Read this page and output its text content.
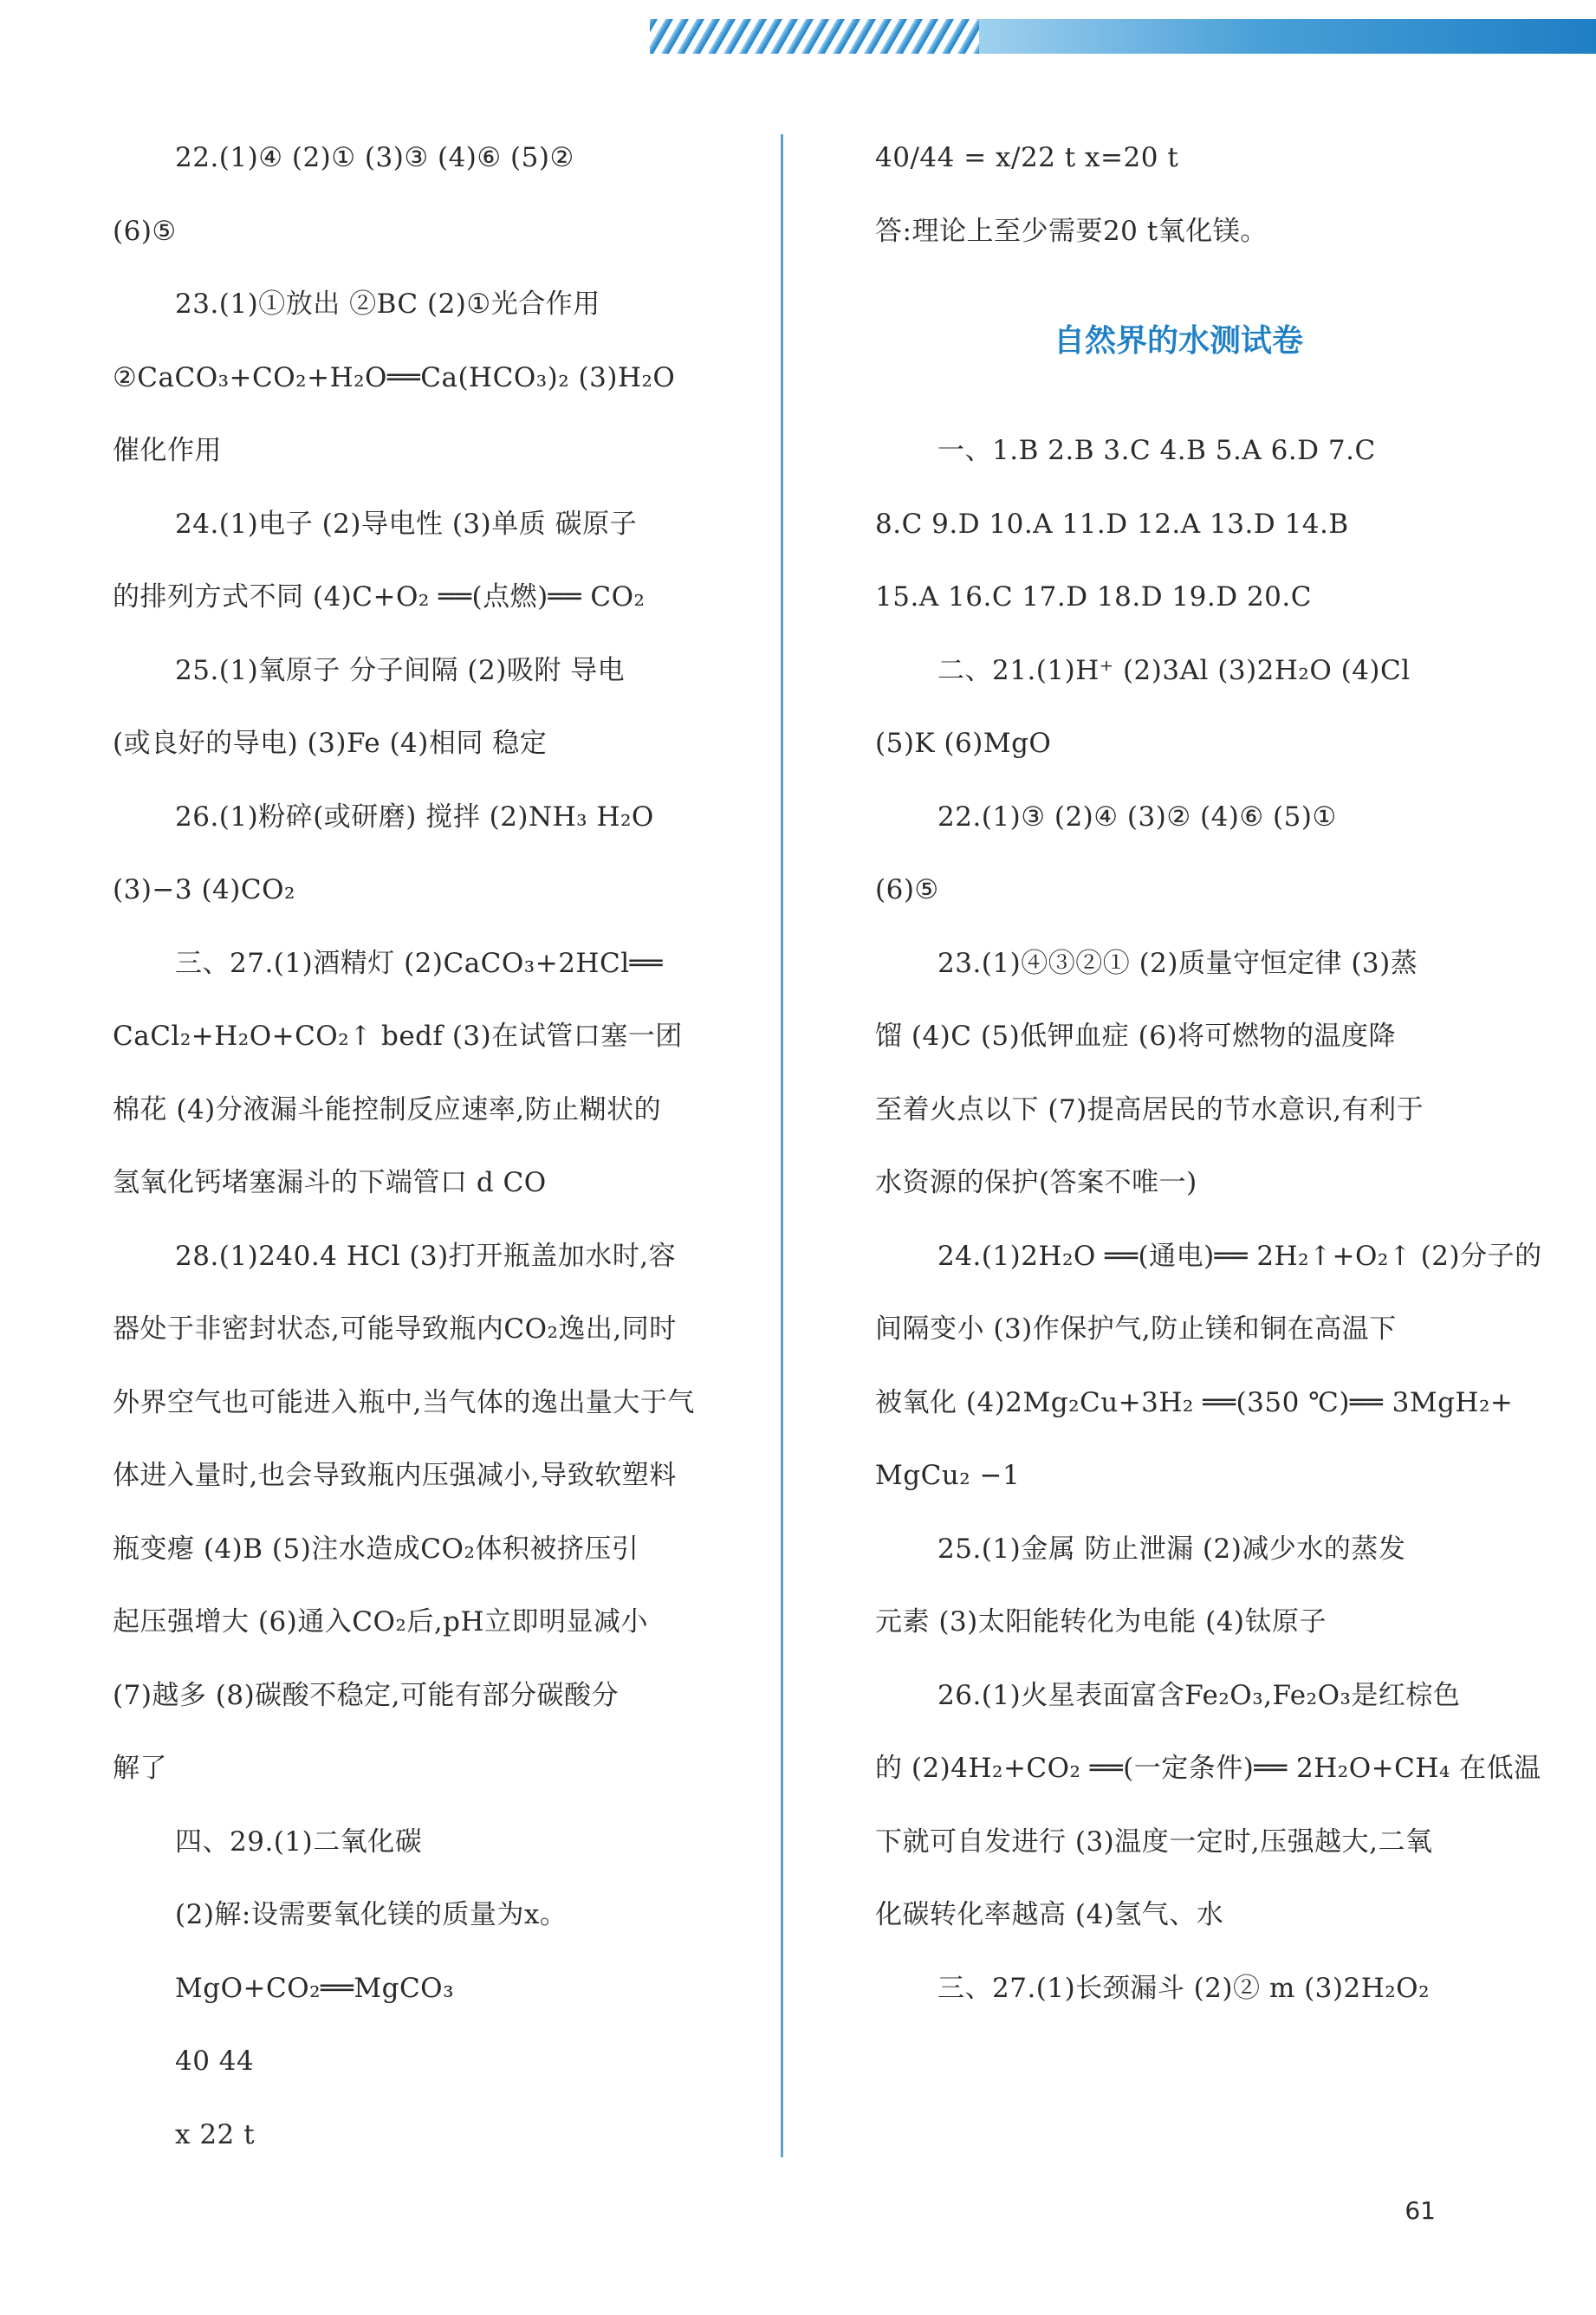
22.(1)④ (2)① (3)③ (4)⑥ (5)②
(6)⑤
23.(1)①放出 ②BC (2)①光合作用
②CaCO₃+CO₂+H₂O══Ca(HCO₃)₂ (3)H₂O
催化作用
24.(1)电子 (2)导电性 (3)单质 碳原子
的排列方式不同 (4)C+O₂ ══(点燃)══ CO₂
25.(1)氧原子 分子间隔 (2)吸附 导电
(或良好的导电) (3)Fe (4)相同 稳定
26.(1)粉碎(或研磨) 搅拌 (2)NH₃ H₂O
(3)−3 (4)CO₂
三、27.(1)酒精灯 (2)CaCO₃+2HCl══
CaCl₂+H₂O+CO₂↑ bedf (3)在试管口塞一团
棉花 (4)分液漏斗能控制反应速率,防止糊状的
氢氧化钙堵塞漏斗的下端管口 d CO
28.(1)240.4 HCl (3)打开瓶盖加水时,容
器处于非密封状态,可能导致瓶内CO₂逸出,同时
外界空气也可能进入瓶中,当气体的逸出量大于气
体进入量时,也会导致瓶内压强减小,导致软塑料
瓶变瘪 (4)B (5)注水造成CO₂体积被挤压引
起压强增大 (6)通入CO₂后,pH立即明显减小
(7)越多 (8)碳酸不稳定,可能有部分碳酸分
解了
四、29.(1)二氧化碳
(2)解:设需要氧化镁的质量为x。
MgO+CO₂══MgCO₃
40 44
x 22 t
40/44 = x/22 t x=20 t
答:理论上至少需要20 t氧化镁。
自然界的水测试卷
一、1.B 2.B 3.C 4.B 5.A 6.D 7.C
8.C 9.D 10.A 11.D 12.A 13.D 14.B
15.A 16.C 17.D 18.D 19.D 20.C
二、21.(1)H⁺ (2)3Al (3)2H₂O (4)Cl
(5)K (6)MgO
22.(1)③ (2)④ (3)② (4)⑥ (5)①
(6)⑤
23.(1)④③②① (2)质量守恒定律 (3)蒸
馏 (4)C (5)低钾血症 (6)将可燃物的温度降
至着火点以下 (7)提高居民的节水意识,有利于
水资源的保护(答案不唯一)
24.(1)2H₂O ══(通电)══ 2H₂↑+O₂↑ (2)分子的
间隔变小 (3)作保护气,防止镁和铜在高温下
被氧化 (4)2Mg₂Cu+3H₂ ══(350 ℃)══ 3MgH₂+
MgCu₂ −1
25.(1)金属 防止泄漏 (2)减少水的蒸发
元素 (3)太阳能转化为电能 (4)钛原子
26.(1)火星表面富含Fe₂O₃,Fe₂O₃是红棕色
的 (2)4H₂+CO₂ ══(一定条件)══ 2H₂O+CH₄ 在低温
下就可自发进行 (3)温度一定时,压强越大,二氧
化碳转化率越高 (4)氢气、水
三、27.(1)长颈漏斗 (2)② m (3)2H₂O₂
61
